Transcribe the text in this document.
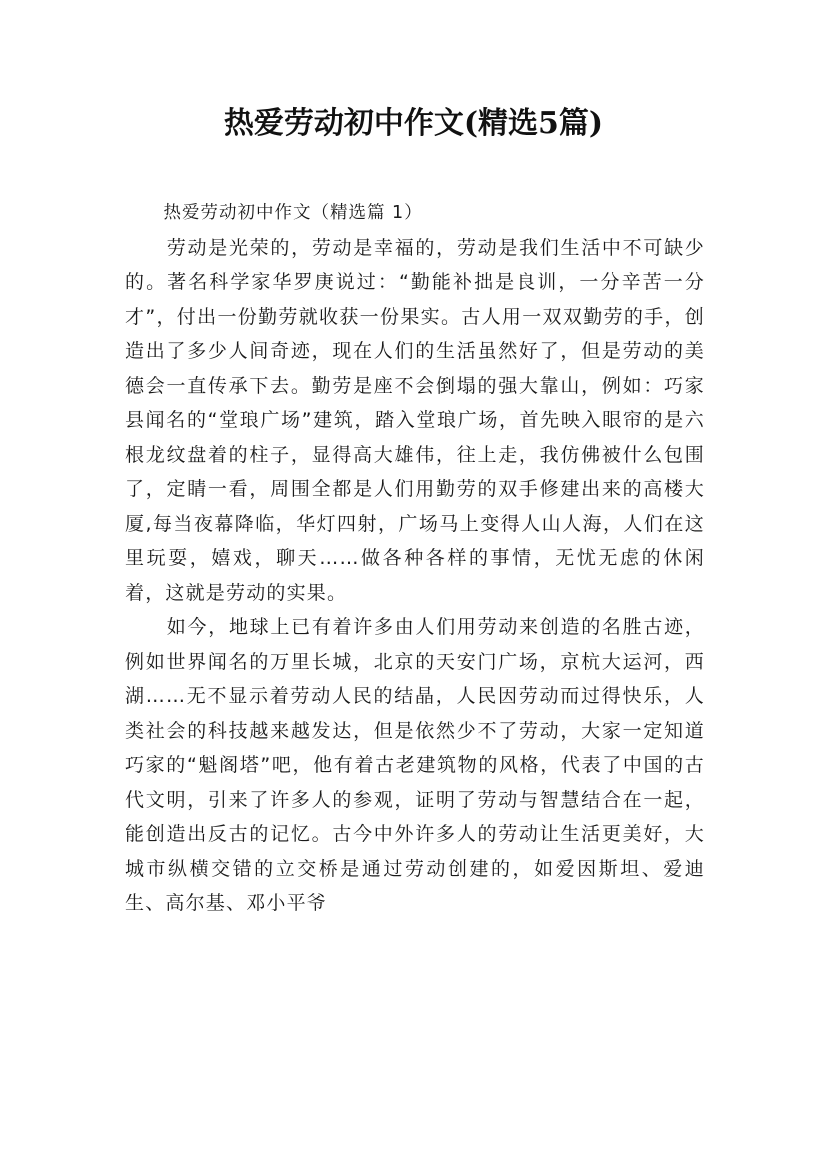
热爱劳动初中作文(精选5篇)

热爱劳动初中作文（精选篇 1）

劳动是光荣的，劳动是幸福的，劳动是我们生活中不可缺少的。著名科学家华罗庚说过：“勤能补拙是良训，一分辛苦一分才”，付出一份勤劳就收获一份果实。古人用一双双勤劳的手，创造出了多少人间奇迹，现在人们的生活虽然好了，但是劳动的美德会一直传承下去。勤劳是座不会倒塌的强大靠山，例如：巧家县闻名的“堂琅广场”建筑，踏入堂琅广场，首先映入眼帘的是六根龙纹盘着的柱子，显得高大雄伟，往上走，我仿佛被什么包围了，定睛一看，周围全都是人们用勤劳的双手修建出来的高楼大厦,每当夜幕降临，华灯四射，广场马上变得人山人海，人们在这里玩耍，嬉戏，聊天……做各种各样的事情，无忧无虑的休闲着，这就是劳动的实果。

如今，地球上已有着许多由人们用劳动来创造的名胜古迹，例如世界闻名的万里长城，北京的天安门广场，京杭大运河，西湖……无不显示着劳动人民的结晶，人民因劳动而过得快乐，人类社会的科技越来越发达，但是依然少不了劳动，大家一定知道巧家的“魁阁塔”吧，他有着古老建筑物的风格，代表了中国的古代文明，引来了许多人的参观，证明了劳动与智慧结合在一起，能创造出反古的记忆。古今中外许多人的劳动让生活更美好，大城市纵横交错的立交桥是通过劳动创建的，如爱因斯坦、爱迪生、高尔基、邓小平爷
